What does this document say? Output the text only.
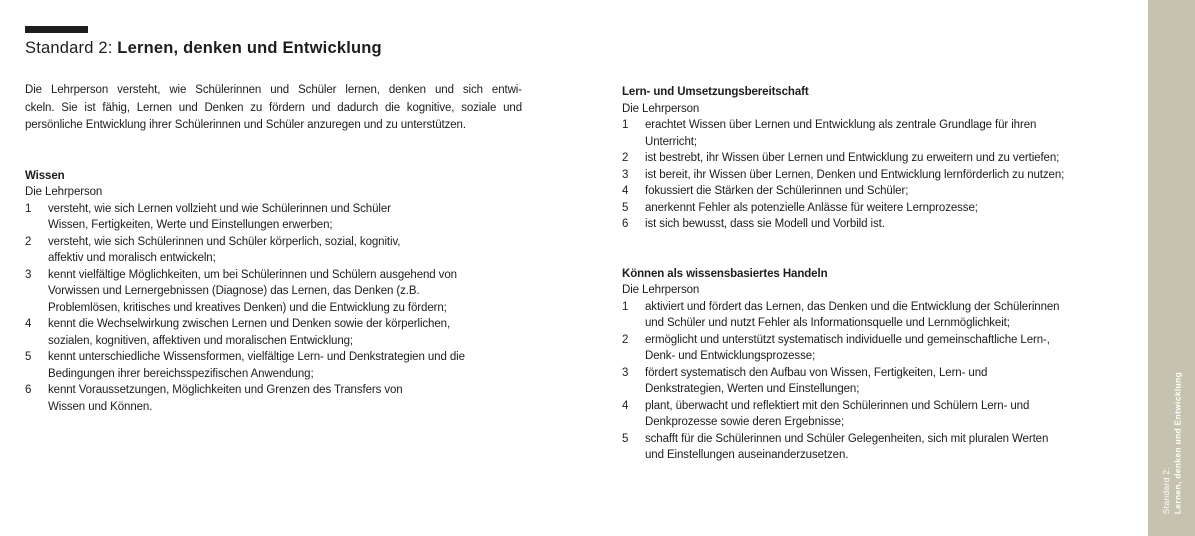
Standard 2: Lernen, denken und Entwicklung
Die Lehrperson versteht, wie Schülerinnen und Schüler lernen, denken und sich entwi-
ckeln. Sie ist fähig, Lernen und Denken zu fördern und dadurch die kognitive, soziale und
persönliche Entwicklung ihrer Schülerinnen und Schüler anzuregen und zu unterstützen.
Wissen

Die Lehrperson

1	versteht, wie sich Lernen vollzieht und wie Schülerinnen und Schüler
Wissen, Fertigkeiten, Werte und Einstellungen erwerben;
2	versteht, wie sich Schülerinnen und Schüler körperlich, sozial, kognitiv,
affektiv und moralisch entwickeln;
3	kennt vielfältige Möglichkeiten, um bei Schülerinnen und Schülern ausgehend von
Vorwissen und Lernergebnissen (Diagnose) das Lernen, das Denken (z.B.
Problemlösen, kritisches und kreatives Denken) und die Entwicklung zu fördern;
4	kennt die Wechselwirkung zwischen Lernen und Denken sowie der körperlichen,
sozialen, kognitiven, affektiven und moralischen Entwicklung;
5	kennt unterschiedliche Wissensformen, vielfältige Lern- und Denkstrategien und die
Bedingungen ihrer bereichsspezifischen Anwendung;
6	kennt Voraussetzungen, Möglichkeiten und Grenzen des Transfers von
Wissen und Können.
Lern- und Umsetzungsbereitschaft

Die Lehrperson

1	erachtet Wissen über Lernen und Entwicklung als zentrale Grundlage für ihren
Unterricht;
2	ist bestrebt, ihr Wissen über Lernen und Entwicklung zu erweitern und zu vertiefen;
3	ist bereit, ihr Wissen über Lernen, Denken und Entwicklung lernförderlich zu nutzen;
4	fokussiert die Stärken der Schülerinnen und Schüler;
5	anerkennt Fehler als potenzielle Anlässe für weitere Lernprozesse;
6	ist sich bewusst, dass sie Modell und Vorbild ist.
Können als wissensbasiertes Handeln

Die Lehrperson

1	aktiviert und fördert das Lernen, das Denken und die Entwicklung der Schülerinnen
und Schüler und nutzt Fehler als Informationsquelle und Lernmöglichkeit;
2	ermöglicht und unterstützt systematisch individuelle und gemeinschaftliche Lern-,
Denk- und Entwicklungsprozesse;
3	fördert systematisch den Aufbau von Wissen, Fertigkeiten, Lern- und
Denkstrategien, Werten und Einstellungen;
4	plant, überwacht und reflektiert mit den Schülerinnen und Schülern Lern- und
Denkprozesse sowie deren Ergebnisse;
5	schafft für die Schülerinnen und Schüler Gelegenheiten, sich mit pluralen Werten
und Einstellungen auseinanderzusetzen.
Standard 2: Lernen, denken und Entwicklung
